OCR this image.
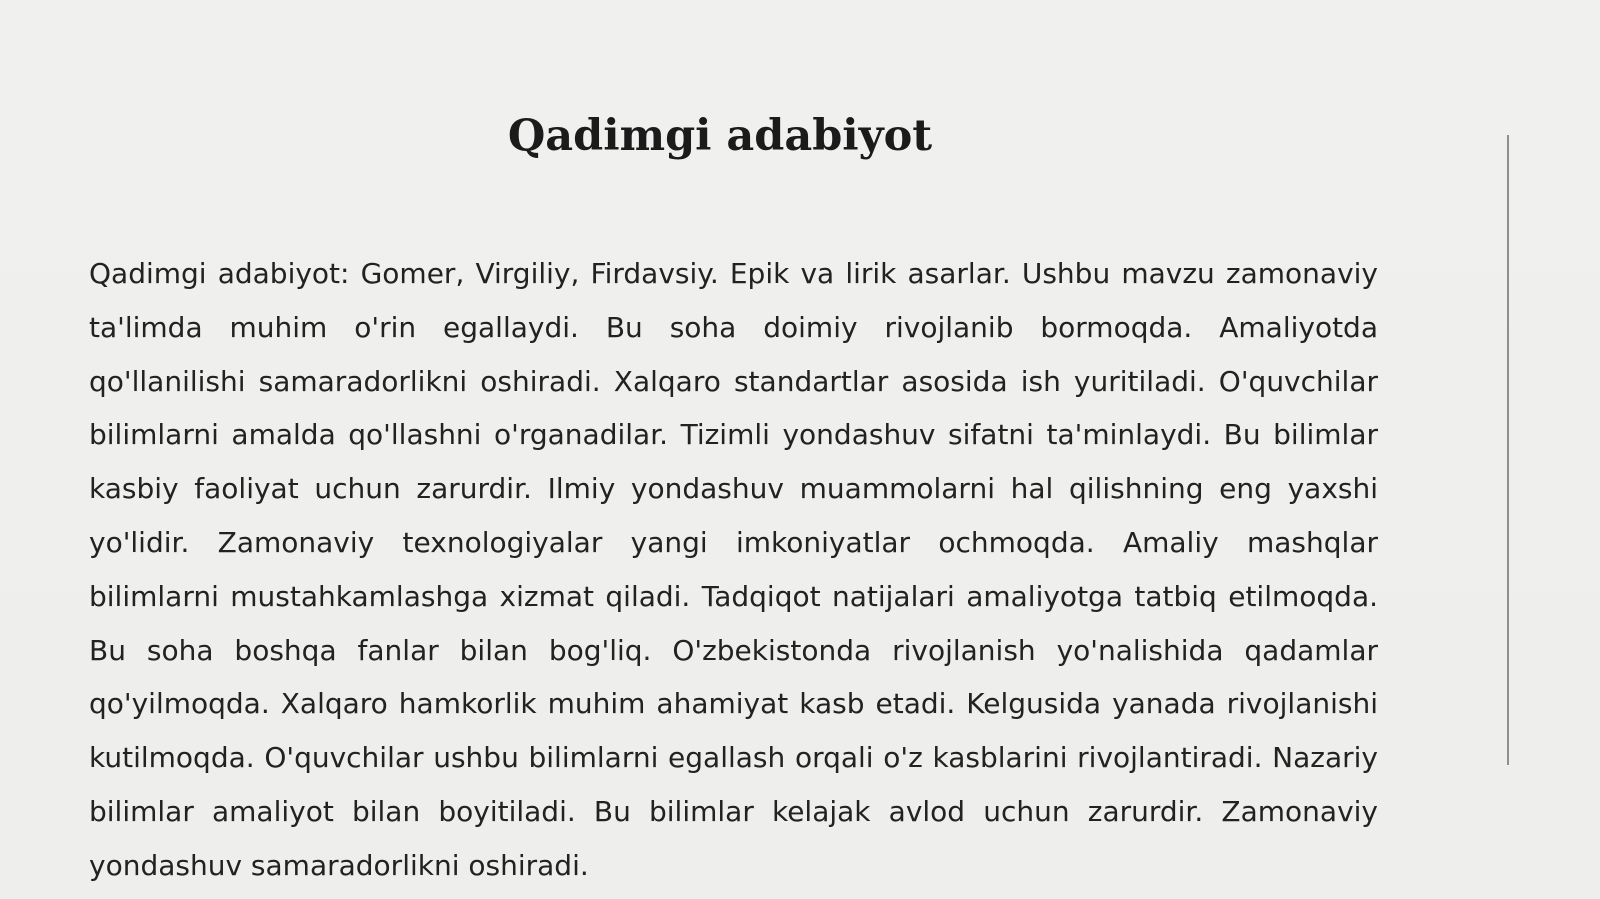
Qadimgi adabiyot

Qadimgi adabiyot: Gomer, Virgiliy, Firdavsiy. Epik va lirik asarlar. Ushbu mavzu zamonaviy ta'limda muhim o'rin egallaydi. Bu soha doimiy rivojlanib bormoqda. Amaliyotda qo'llanilishi samaradorlikni oshiradi. Xalqaro standartlar asosida ish yuritiladi. O'quvchilar bilimlarni amalda qo'llashni o'rganadilar. Tizimli yondashuv sifatni ta'minlaydi. Bu bilimlar kasbiy faoliyat uchun zarurdir. Ilmiy yondashuv muammolarni hal qilishning eng yaxshi yo'lidir. Zamonaviy texnologiyalar yangi imkoniyatlar ochmoqda. Amaliy mashqlar bilimlarni mustahkamlashga xizmat qiladi. Tadqiqot natijalari amaliyotga tatbiq etilmoqda. Bu soha boshqa fanlar bilan bog'liq. O'zbekistonda rivojlanish yo'nalishida qadamlar qo'yilmoqda. Xalqaro hamkorlik muhim ahamiyat kasb etadi. Kelgusida yanada rivojlanishi kutilmoqda. O'quvchilar ushbu bilimlarni egallash orqali o'z kasblarini rivojlantiradi. Nazariy bilimlar amaliyot bilan boyitiladi. Bu bilimlar kelajak avlod uchun zarurdir. Zamonaviy yondashuv samaradorlikni oshiradi.
